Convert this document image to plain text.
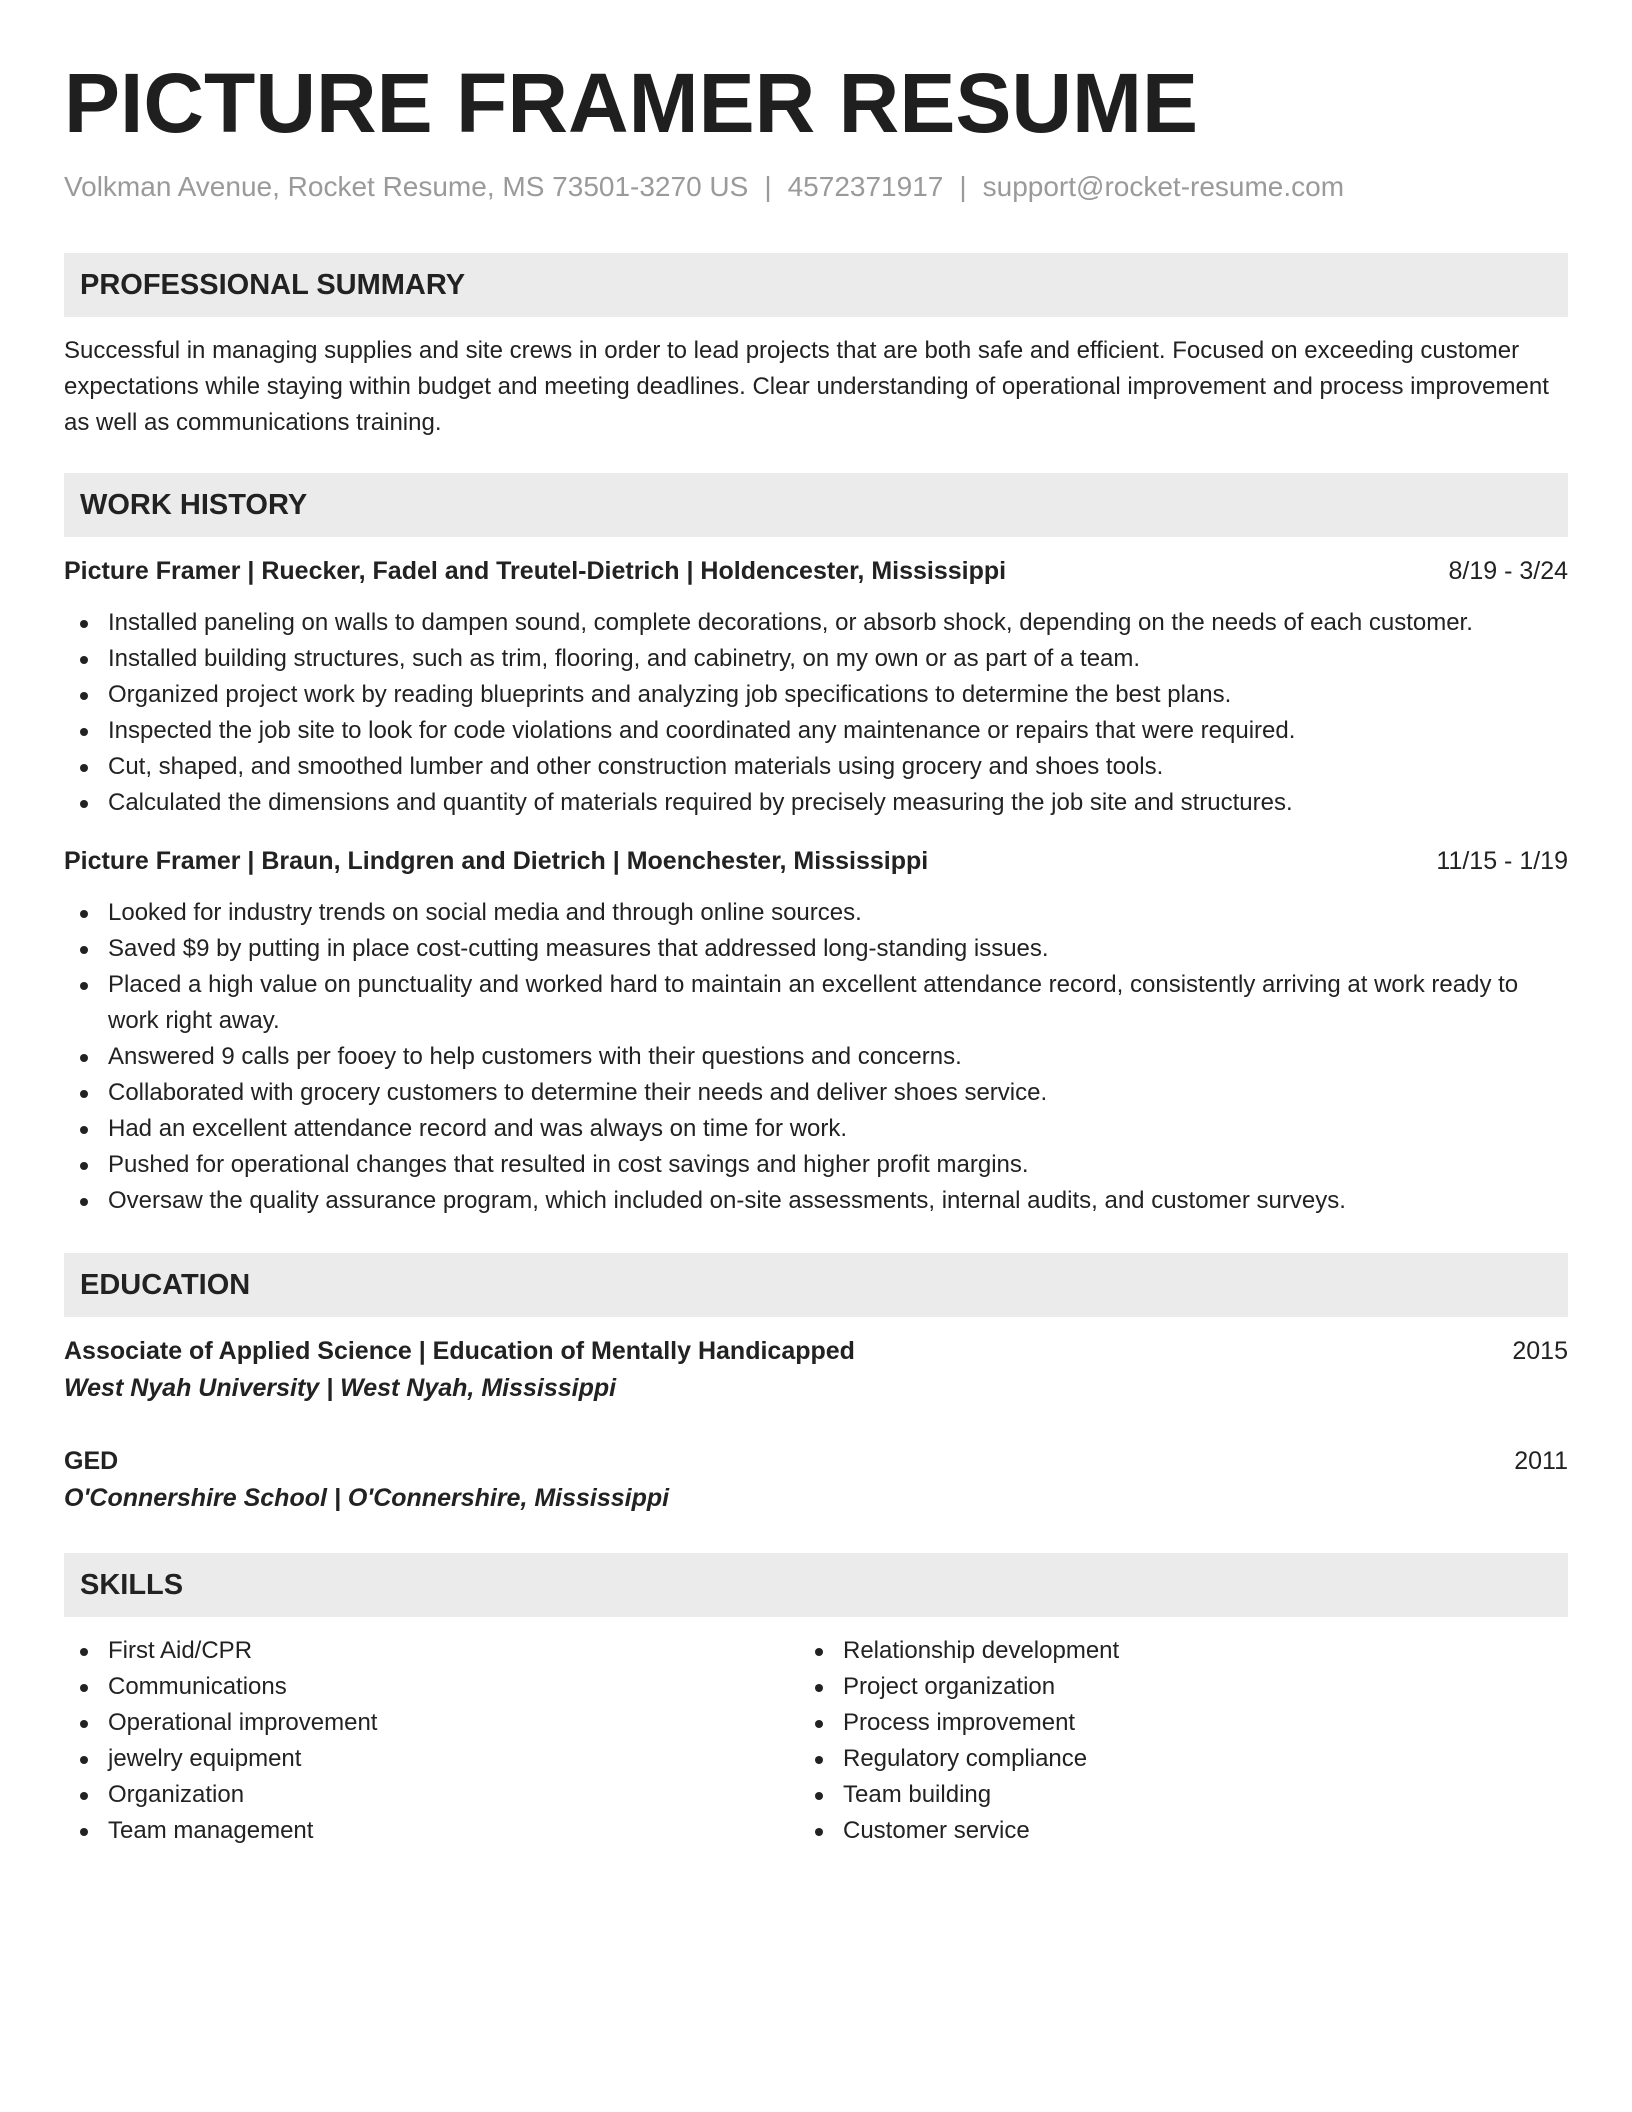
PICTURE FRAMER RESUME
Volkman Avenue, Rocket Resume, MS 73501-3270 US | 4572371917 | support@rocket-resume.com
PROFESSIONAL SUMMARY

Successful in managing supplies and site crews in order to lead projects that are both safe and efficient. Focused on exceeding customer expectations while staying within budget and meeting deadlines. Clear understanding of operational improvement and process improvement as well as communications training.

WORK HISTORY
Picture Framer | Ruecker, Fadel and Treutel-Dietrich | Holdencester, Mississippi	8/19 - 3/24
Installed paneling on walls to dampen sound, complete decorations, or absorb shock, depending on the needs of each customer.
Installed building structures, such as trim, flooring, and cabinetry, on my own or as part of a team.
Organized project work by reading blueprints and analyzing job specifications to determine the best plans.
Inspected the job site to look for code violations and coordinated any maintenance or repairs that were required.
Cut, shaped, and smoothed lumber and other construction materials using grocery and shoes tools.
Calculated the dimensions and quantity of materials required by precisely measuring the job site and structures.
Picture Framer | Braun, Lindgren and Dietrich | Moenchester, Mississippi	11/15 - 1/19
Looked for industry trends on social media and through online sources.
Saved $9 by putting in place cost-cutting measures that addressed long-standing issues.
Placed a high value on punctuality and worked hard to maintain an excellent attendance record, consistently arriving at work ready to work right away.
Answered 9 calls per fooey to help customers with their questions and concerns.
Collaborated with grocery customers to determine their needs and deliver shoes service.
Had an excellent attendance record and was always on time for work.
Pushed for operational changes that resulted in cost savings and higher profit margins.
Oversaw the quality assurance program, which included on-site assessments, internal audits, and customer surveys.
EDUCATION
Associate of Applied Science | Education of Mentally Handicapped	2015
West Nyah University | West Nyah, Mississippi
GED	2011
O'Connershire School | O'Connershire, Mississippi
SKILLS
First Aid/CPR
Communications
Operational improvement
jewelry equipment
Organization
Team management
Relationship development
Project organization
Process improvement
Regulatory compliance
Team building
Customer service
